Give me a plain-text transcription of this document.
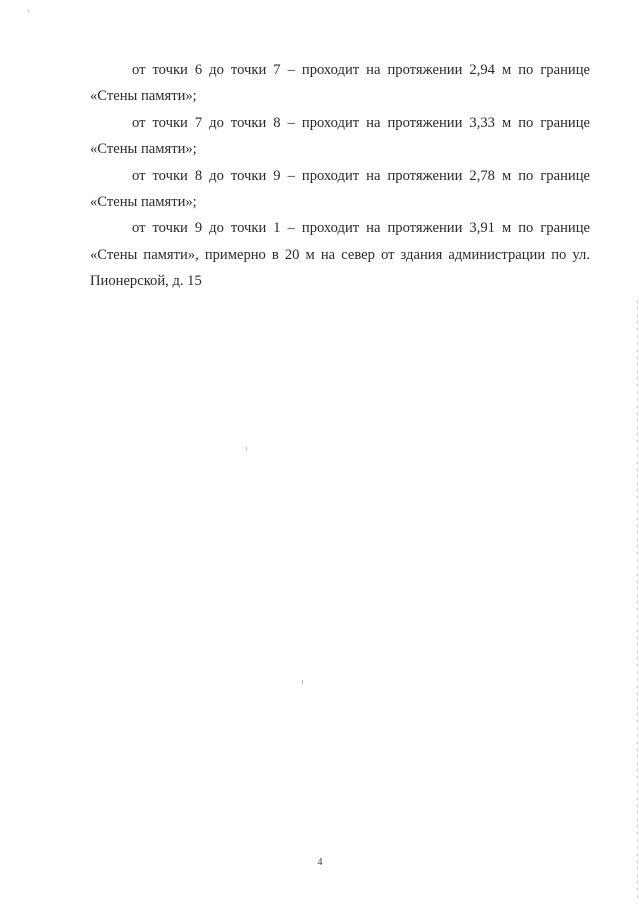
от точки 6 до точки 7 – проходит на протяжении 2,94 м по границе «Стены памяти»;

от точки 7 до точки 8 – проходит на протяжении 3,33 м по границе «Стены памяти»;

от точки 8 до точки 9 – проходит на протяжении 2,78 м по границе «Стены памяти»;

от точки 9 до точки 1 – проходит на протяжении 3,91 м по границе «Стены памяти», примерно в 20 м на север от здания администрации по ул. Пионерской, д. 15

4
